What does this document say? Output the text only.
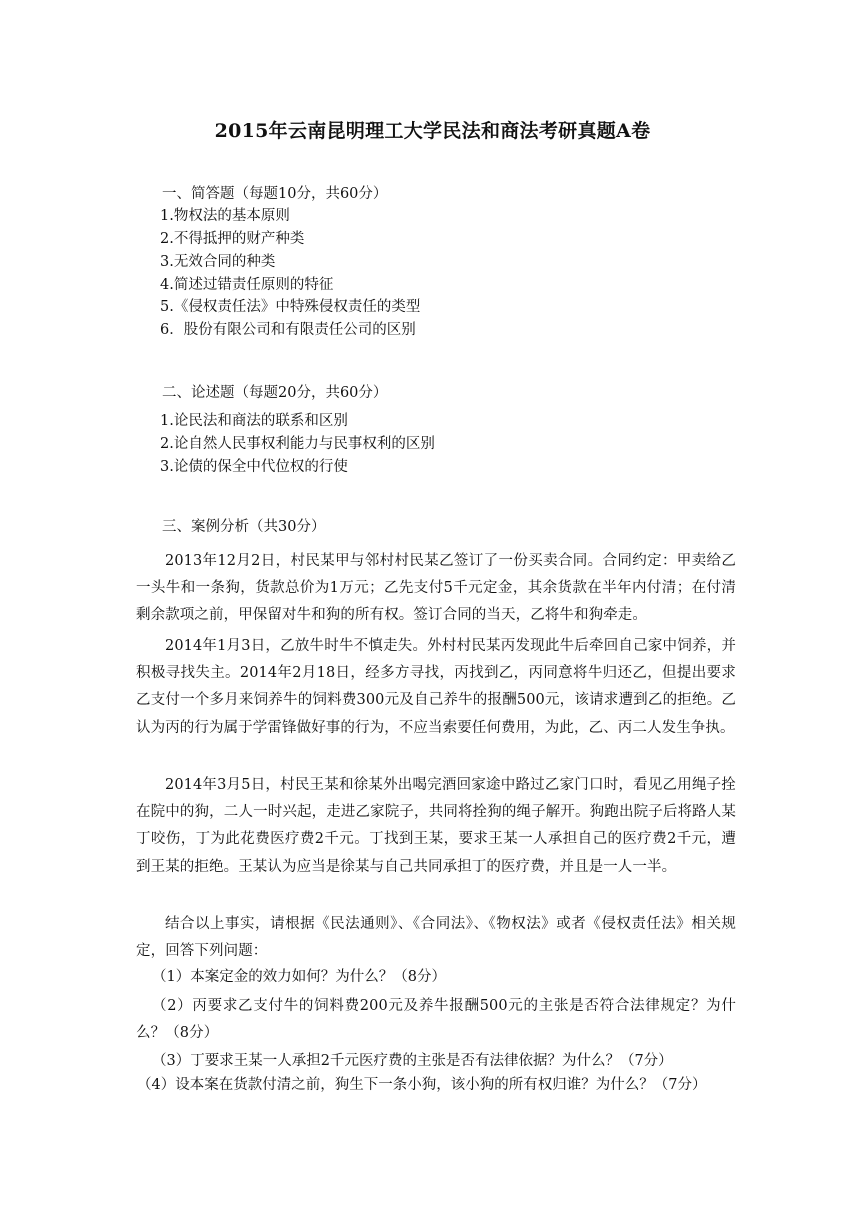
2015年云南昆明理工大学民法和商法考研真题A卷
一、简答题（每题10分，共60分）
1.物权法的基本原则
2.不得抵押的财产种类
3.无效合同的种类
4.简述过错责任原则的特征
5.《侵权责任法》中特殊侵权责任的类型
6．股份有限公司和有限责任公司的区别
二、论述题（每题20分，共60分）
1.论民法和商法的联系和区别
2.论自然人民事权利能力与民事权利的区别
3.论债的保全中代位权的行使
三、案例分析（共30分）
2013年12月2日，村民某甲与邻村村民某乙签订了一份买卖合同。合同约定：甲卖给乙一头牛和一条狗，货款总价为1万元；乙先支付5千元定金，其余货款在半年内付清；在付清剩余款项之前，甲保留对牛和狗的所有权。签订合同的当天，乙将牛和狗牵走。
2014年1月3日，乙放牛时牛不慎走失。外村村民某丙发现此牛后牵回自己家中饲养，并积极寻找失主。2014年2月18日，经多方寻找，丙找到乙，丙同意将牛归还乙，但提出要求乙支付一个多月来饲养牛的饲料费300元及自己养牛的报酬500元，该请求遭到乙的拒绝。乙认为丙的行为属于学雷锋做好事的行为，不应当索要任何费用，为此，乙、丙二人发生争执。
2014年3月5日，村民王某和徐某外出喝完酒回家途中路过乙家门口时，看见乙用绳子拴在院中的狗，二人一时兴起，走进乙家院子，共同将拴狗的绳子解开。狗跑出院子后将路人某丁咬伤，丁为此花费医疗费2千元。丁找到王某，要求王某一人承担自己的医疗费2千元，遭到王某的拒绝。王某认为应当是徐某与自己共同承担丁的医疗费，并且是一人一半。
结合以上事实，请根据《民法通则》、《合同法》、《物权法》或者《侵权责任法》相关规定，回答下列问题：
（1）本案定金的效力如何？为什么？（8分）
（2）丙要求乙支付牛的饲料费200元及养牛报酬500元的主张是否符合法律规定？为什么？（8分）
（3）丁要求王某一人承担2千元医疗费的主张是否有法律依据？为什么？（7分）
（4）设本案在货款付清之前，狗生下一条小狗，该小狗的所有权归谁？为什么？（7分）
